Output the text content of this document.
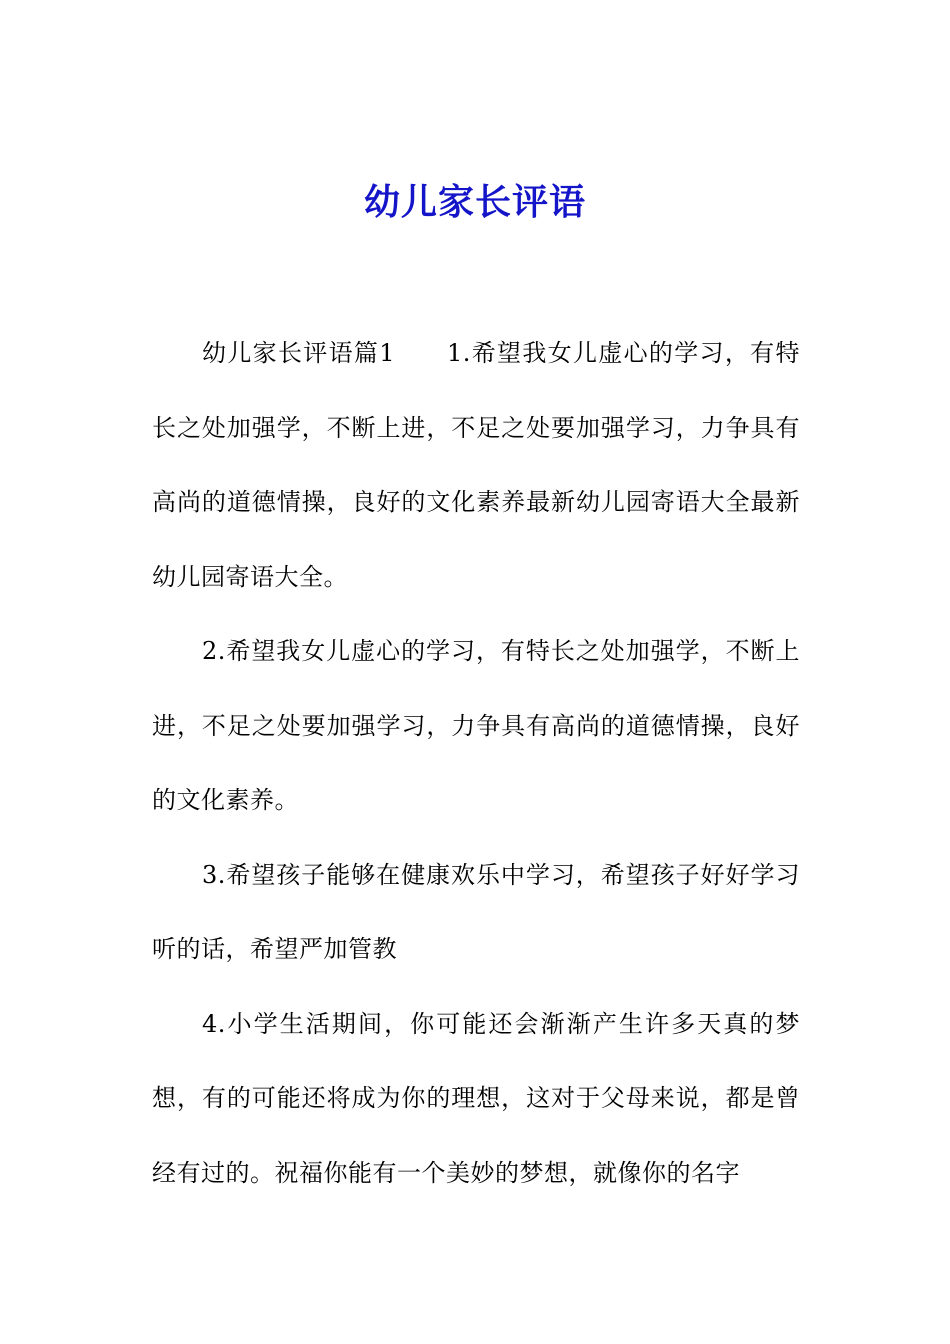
幼儿家长评语

幼儿家长评语篇1 1.希望我女儿虚心的学习，有特长之处加强学，不断上进，不足之处要加强学习，力争具有高尚的道德情操，良好的文化素养最新幼儿园寄语大全最新幼儿园寄语大全。

2.希望我女儿虚心的学习，有特长之处加强学，不断上进，不足之处要加强学习，力争具有高尚的道德情操，良好的文化素养。

3.希望孩子能够在健康欢乐中学习，希望孩子好好学习听的话，希望严加管教

4.小学生活期间，你可能还会渐渐产生许多天真的梦想，有的可能还将成为你的理想，这对于父母来说，都是曾经有过的。祝福你能有一个美妙的梦想，就像你的名字
